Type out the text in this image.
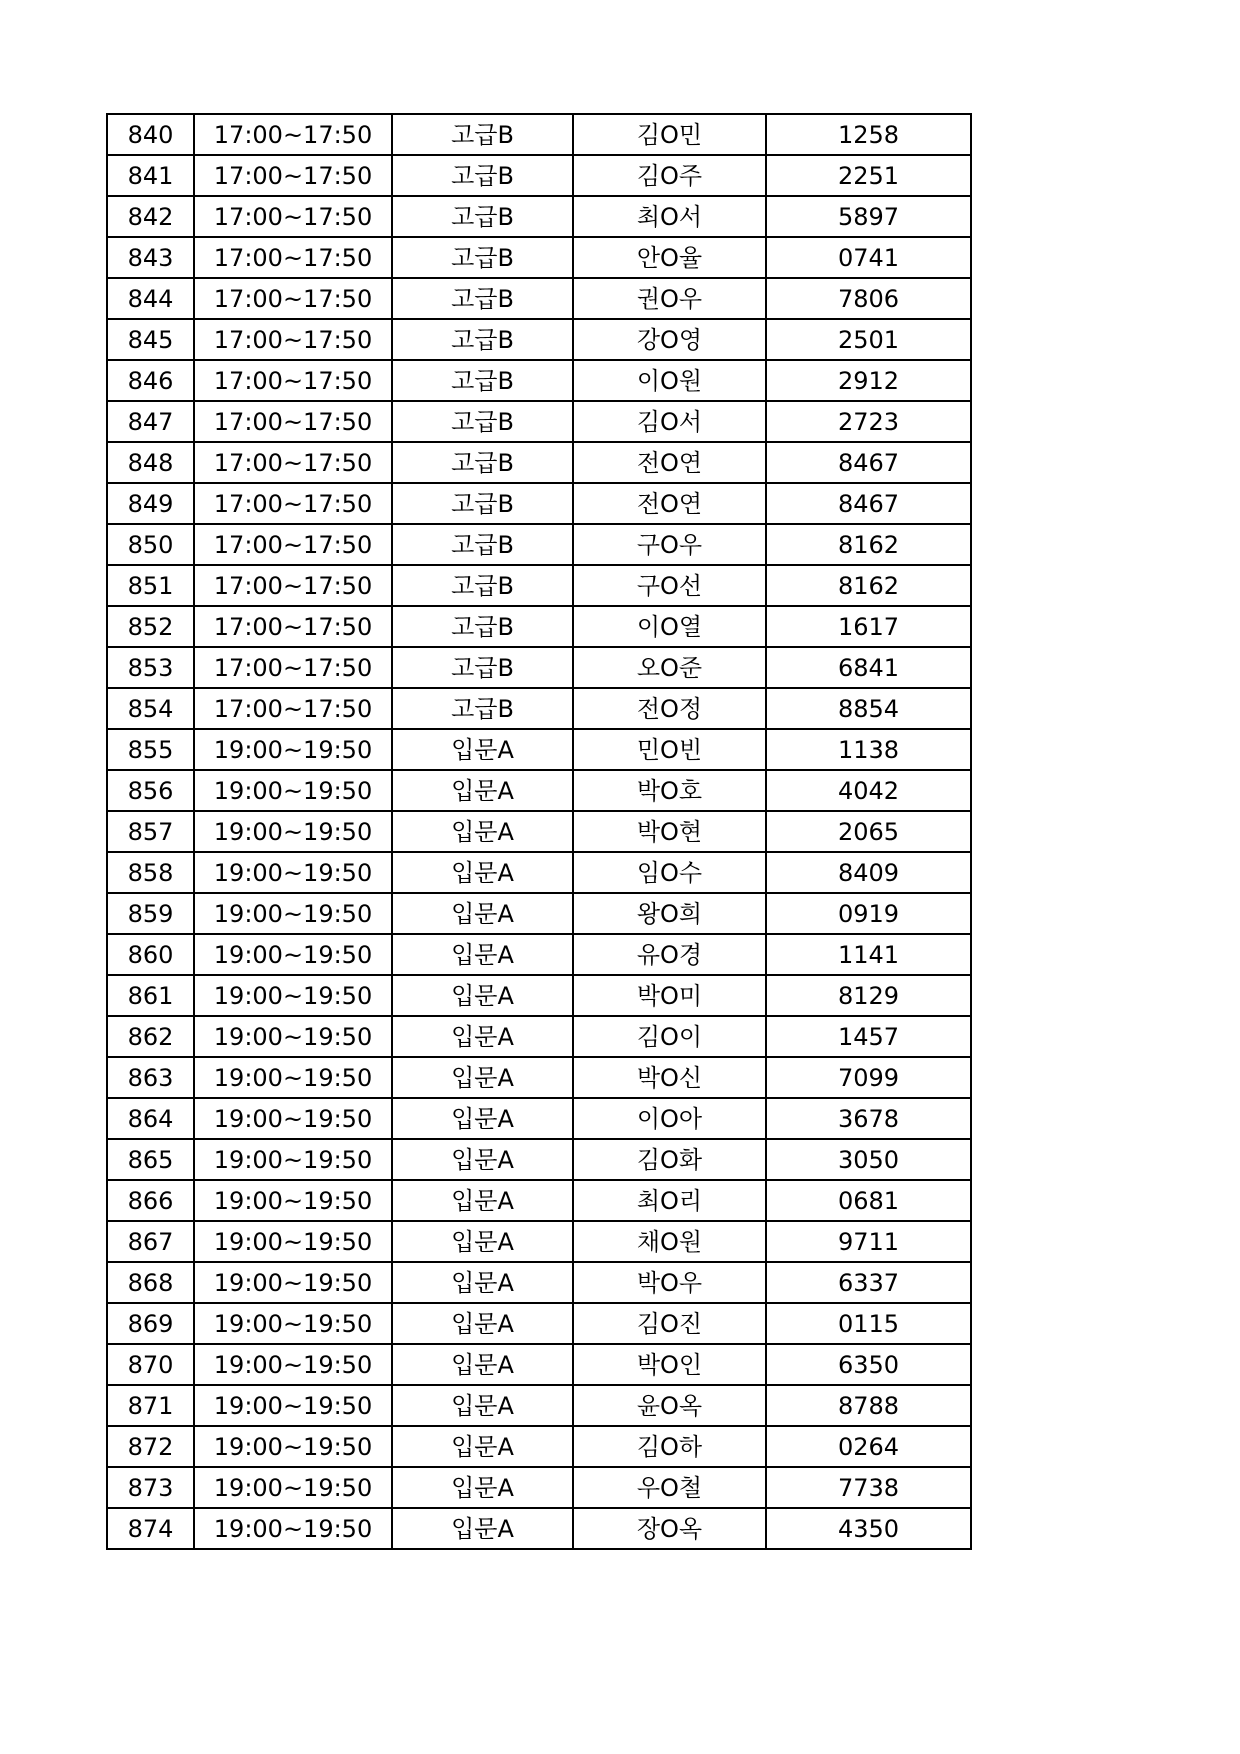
840	17:00~17:50	고급B	김O민	1258
841	17:00~17:50	고급B	김O주	2251
842	17:00~17:50	고급B	최O서	5897
843	17:00~17:50	고급B	안O율	0741
844	17:00~17:50	고급B	권O우	7806
845	17:00~17:50	고급B	강O영	2501
846	17:00~17:50	고급B	이O원	2912
847	17:00~17:50	고급B	김O서	2723
848	17:00~17:50	고급B	전O연	8467
849	17:00~17:50	고급B	전O연	8467
850	17:00~17:50	고급B	구O우	8162
851	17:00~17:50	고급B	구O선	8162
852	17:00~17:50	고급B	이O열	1617
853	17:00~17:50	고급B	오O준	6841
854	17:00~17:50	고급B	전O정	8854
855	19:00~19:50	입문A	민O빈	1138
856	19:00~19:50	입문A	박O호	4042
857	19:00~19:50	입문A	박O현	2065
858	19:00~19:50	입문A	임O수	8409
859	19:00~19:50	입문A	왕O희	0919
860	19:00~19:50	입문A	유O경	1141
861	19:00~19:50	입문A	박O미	8129
862	19:00~19:50	입문A	김O이	1457
863	19:00~19:50	입문A	박O신	7099
864	19:00~19:50	입문A	이O아	3678
865	19:00~19:50	입문A	김O화	3050
866	19:00~19:50	입문A	최O리	0681
867	19:00~19:50	입문A	채O원	9711
868	19:00~19:50	입문A	박O우	6337
869	19:00~19:50	입문A	김O진	0115
870	19:00~19:50	입문A	박O인	6350
871	19:00~19:50	입문A	윤O옥	8788
872	19:00~19:50	입문A	김O하	0264
873	19:00~19:50	입문A	우O철	7738
874	19:00~19:50	입문A	장O옥	4350
